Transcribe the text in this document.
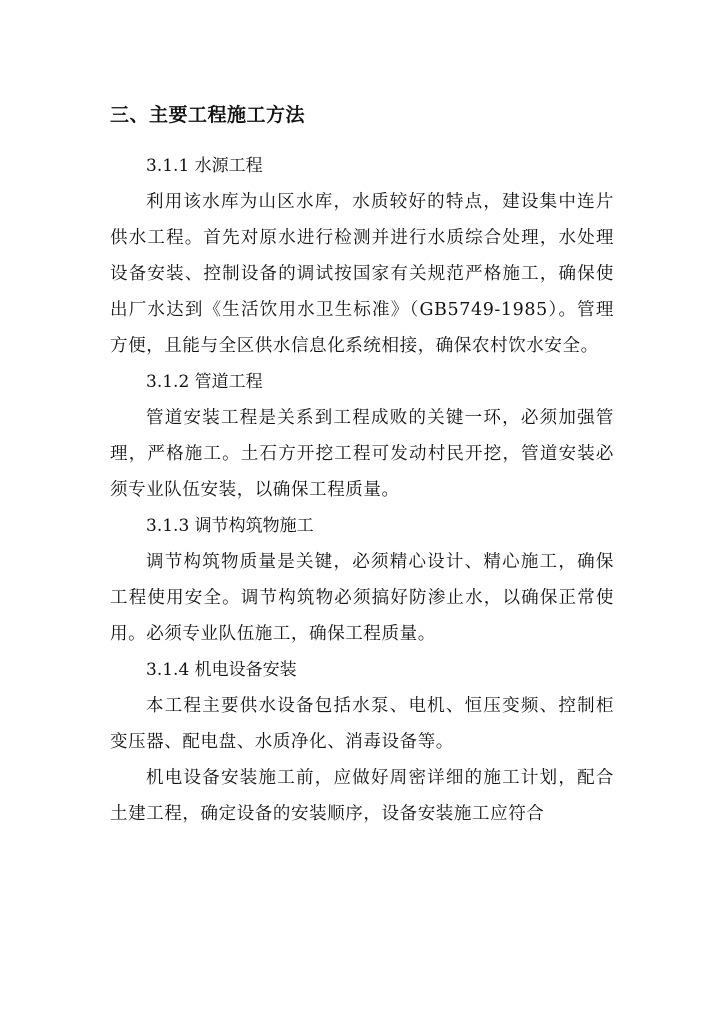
三、主要工程施工方法
3.1.1 水源工程

利用该水库为山区水库，水质较好的特点，建设集中连片供水工程。首先对原水进行检测并进行水质综合处理，水处理设备安装、控制设备的调试按国家有关规范严格施工，确保使出厂水达到《生活饮用水卫生标准》（GB5749-1985）。管理方便，且能与全区供水信息化系统相接，确保农村饮水安全。

3.1.2 管道工程

管道安装工程是关系到工程成败的关键一环，必须加强管理，严格施工。土石方开挖工程可发动村民开挖，管道安装必须专业队伍安装，以确保工程质量。

3.1.3 调节构筑物施工

调节构筑物质量是关键，必须精心设计、精心施工，确保工程使用安全。调节构筑物必须搞好防渗止水，以确保正常使用。必须专业队伍施工，确保工程质量。

3.1.4 机电设备安装

本工程主要供水设备包括水泵、电机、恒压变频、控制柜变压器、配电盘、水质净化、消毒设备等。

机电设备安装施工前，应做好周密详细的施工计划，配合土建工程，确定设备的安装顺序，设备安装施工应符合
